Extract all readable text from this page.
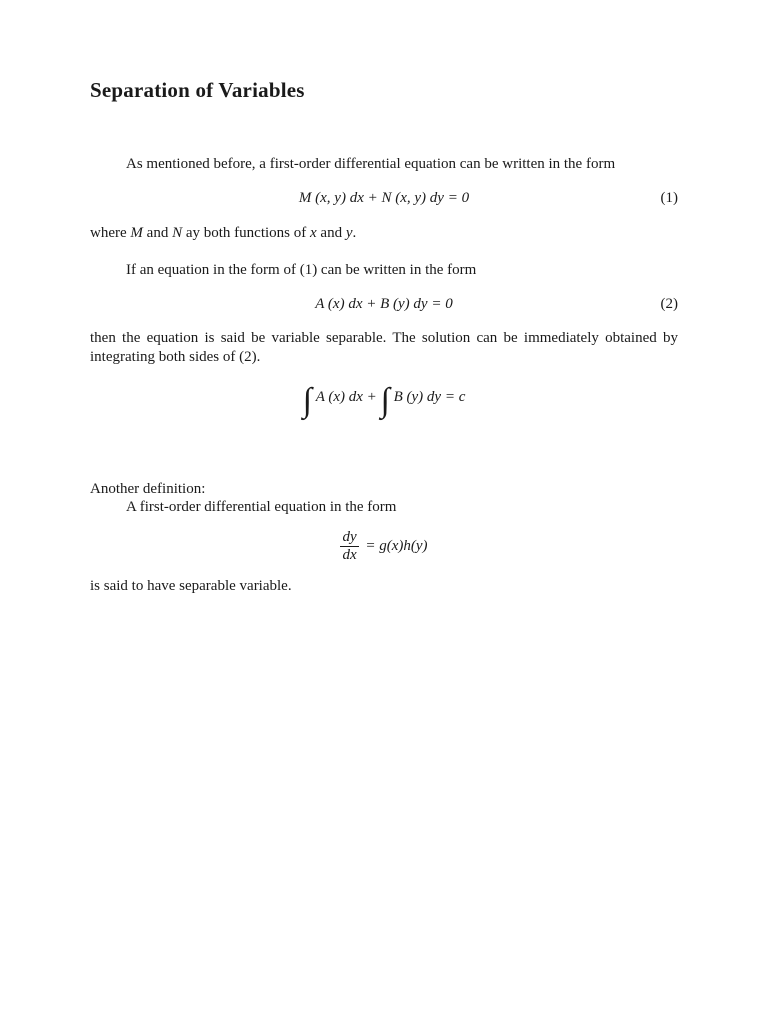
Separation of Variables
As mentioned before, a first-order differential equation can be written in the form
M (x, y) dx + N (x, y) dy = 0	(1)
where M and N ay both functions of x and y.
If an equation in the form of (1) can be written in the form
A (x) dx + B (y) dy = 0	(2)
then the equation is said be variable separable. The solution can be immediately obtained by integrating both sides of (2).
∫ A (x) dx + ∫ B (y) dy = c
Another definition:
A first-order differential equation in the form
$\frac{dy}{dx} = g(x)h(y)$
is said to have separable variable.
